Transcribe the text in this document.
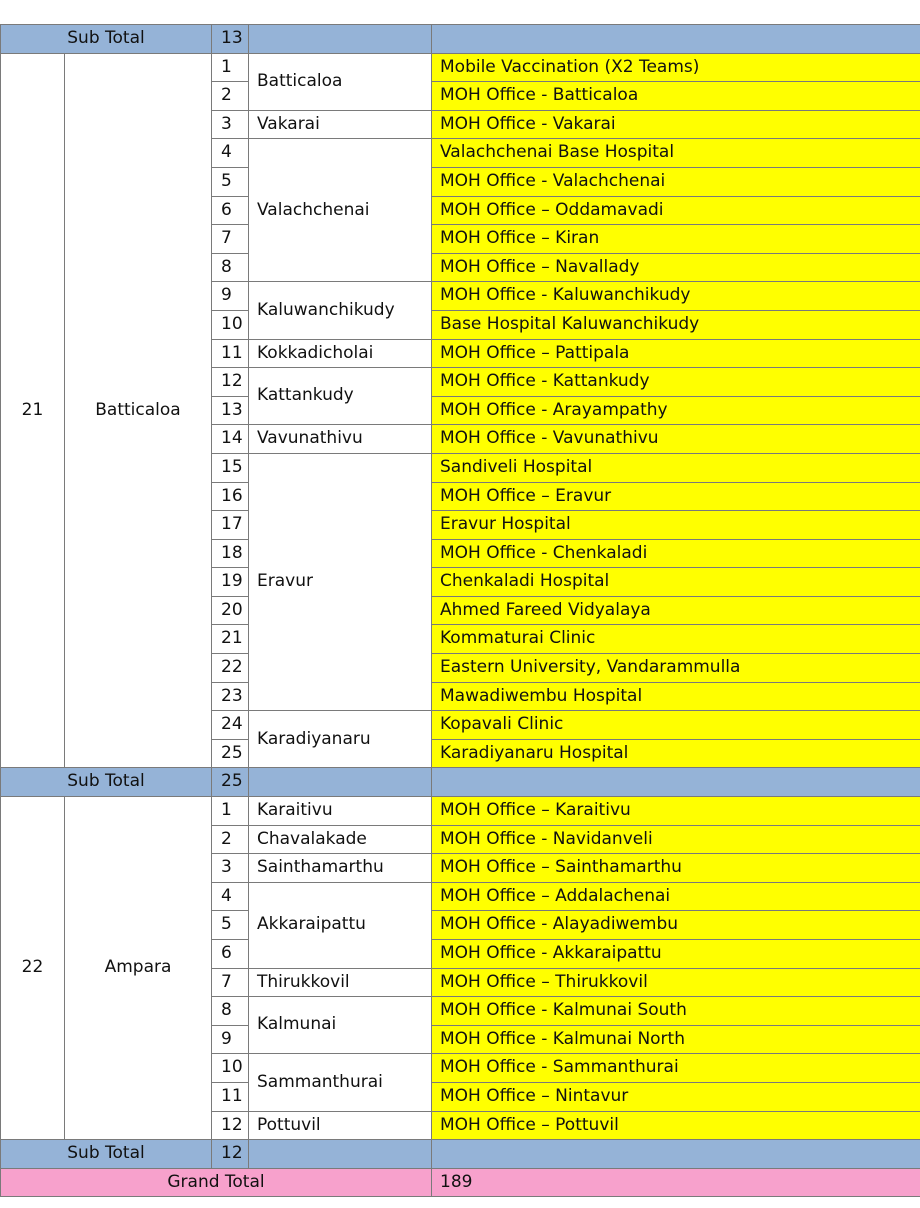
Sub Total		13		
21	Batticaloa	1	Batticaloa	Mobile Vaccination (X2 Teams)
		2		MOH Office - Batticaloa
		3	Vakarai	MOH Office - Vakarai
		4	Valachchenai	Valachchenai Base Hospital
		5		MOH Office - Valachchenai
		6		MOH Office – Oddamavadi
		7		MOH Office – Kiran
		8		MOH Office – Navallady
		9	Kaluwanchikudy	MOH Office - Kaluwanchikudy
		10		Base Hospital Kaluwanchikudy
		11	Kokkadicholai	MOH Office – Pattipala
		12	Kattankudy	MOH Office - Kattankudy
		13		MOH Office - Arayampathy
		14	Vavunathivu	MOH Office - Vavunathivu
		15	Eravur	Sandiveli Hospital
		16		MOH Office – Eravur
		17		Eravur Hospital
		18		MOH Office - Chenkaladi
		19		Chenkaladi Hospital
		20		Ahmed Fareed Vidyalaya
		21		Kommaturai Clinic
		22		Eastern University, Vandarammulla
		23		Mawadiwembu Hospital
		24	Karadiyanaru	Kopavali Clinic
		25		Karadiyanaru Hospital
Sub Total		25		
22	Ampara	1	Karaitivu	MOH Office – Karaitivu
		2	Chavalakade	MOH Office - Navidanveli
		3	Sainthamarthu	MOH Office – Sainthamarthu
		4	Akkaraipattu	MOH Office – Addalachenai
		5		MOH Office - Alayadiwembu
		6		MOH Office - Akkaraipattu
		7	Thirukkovil	MOH Office – Thirukkovil
		8	Kalmunai	MOH Office - Kalmunai South
		9		MOH Office - Kalmunai North
		10	Sammanthurai	MOH Office - Sammanthurai
		11		MOH Office – Nintavur
		12	Pottuvil	MOH Office – Pottuvil
Sub Total		12		
Grand Total				189
